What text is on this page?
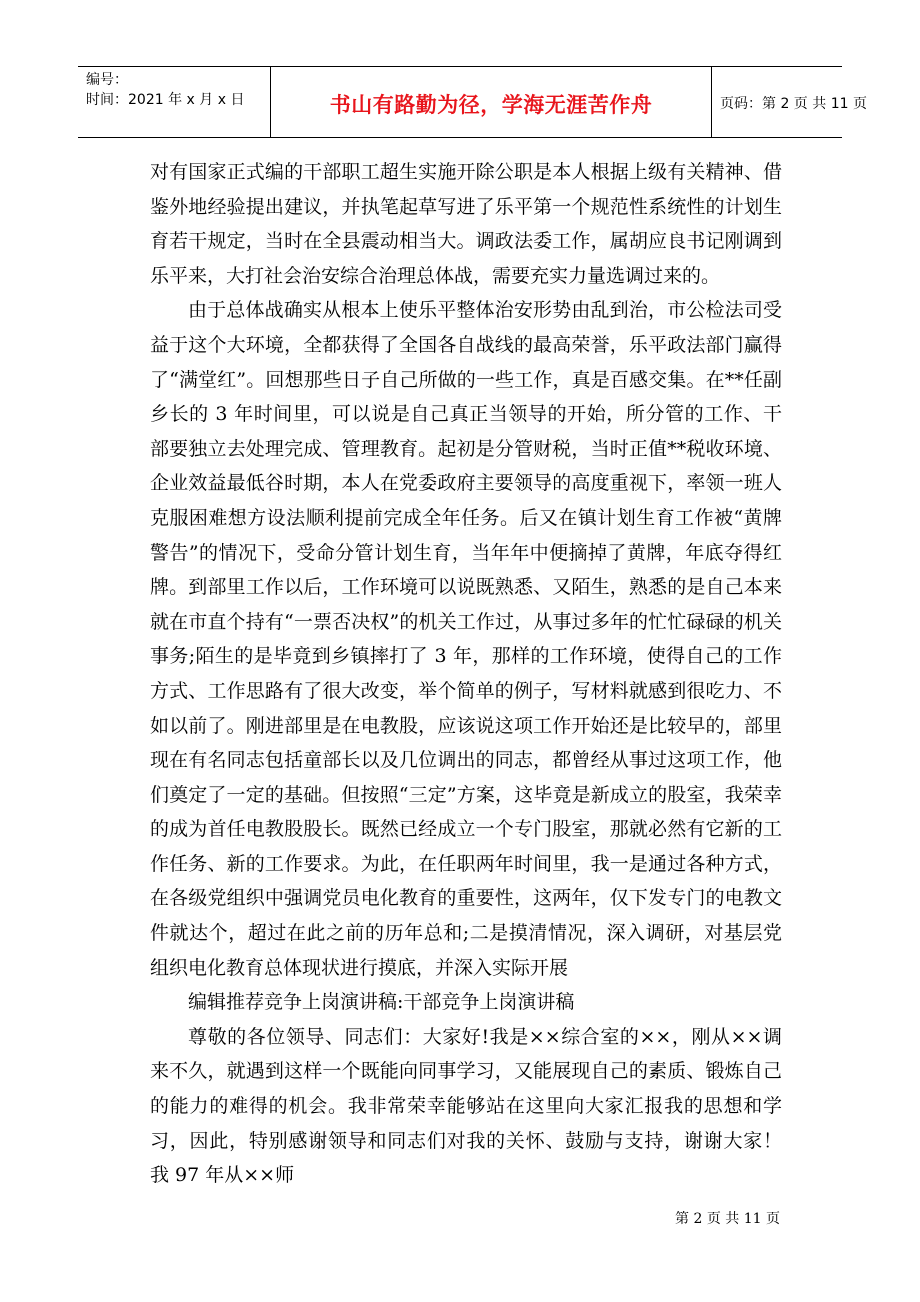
编号：
时间：2021 年 x 月 x 日	书山有路勤为径，学海无涯苦作舟	页码：第 2 页 共 11 页

对有国家正式编的干部职工超生实施开除公职是本人根据上级有关精神、借鉴外地经验提出建议，并执笔起草写进了乐平第一个规范性系统性的计划生育若干规定，当时在全县震动相当大。调政法委工作，属胡应良书记刚调到乐平来，大打社会治安综合治理总体战，需要充实力量选调过来的。

由于总体战确实从根本上使乐平整体治安形势由乱到治，市公检法司受益于这个大环境，全都获得了全国各自战线的最高荣誉，乐平政法部门赢得了“满堂红”。回想那些日子自己所做的一些工作，真是百感交集。在**任副乡长的 3 年时间里，可以说是自己真正当领导的开始，所分管的工作、干部要独立去处理完成、管理教育。起初是分管财税，当时正值**税收环境、企业效益最低谷时期，本人在党委政府主要领导的高度重视下，率领一班人克服困难想方设法顺利提前完成全年任务。后又在镇计划生育工作被“黄牌警告”的情况下，受命分管计划生育，当年年中便摘掉了黄牌，年底夺得红牌。到部里工作以后，工作环境可以说既熟悉、又陌生，熟悉的是自己本来就在市直个持有“一票否决权”的机关工作过，从事过多年的忙忙碌碌的机关事务;陌生的是毕竟到乡镇摔打了 3 年，那样的工作环境，使得自己的工作方式、工作思路有了很大改变，举个简单的例子，写材料就感到很吃力、不如以前了。刚进部里是在电教股，应该说这项工作开始还是比较早的，部里现在有名同志包括童部长以及几位调出的同志，都曾经从事过这项工作，他们奠定了一定的基础。但按照“三定”方案，这毕竟是新成立的股室，我荣幸的成为首任电教股股长。既然已经成立一个专门股室，那就必然有它新的工作任务、新的工作要求。为此，在任职两年时间里，我一是通过各种方式，在各级党组织中强调党员电化教育的重要性，这两年，仅下发专门的电教文件就达个，超过在此之前的历年总和;二是摸清情况，深入调研，对基层党组织电化教育总体现状进行摸底，并深入实际开展

编辑推荐竞争上岗演讲稿:干部竞争上岗演讲稿

尊敬的各位领导、同志们：大家好!我是××综合室的××，刚从××调来不久，就遇到这样一个既能向同事学习，又能展现自己的素质、锻炼自己的能力的难得的机会。我非常荣幸能够站在这里向大家汇报我的思想和学习，因此，特别感谢领导和同志们对我的关怀、鼓励与支持，谢谢大家！ 我 97 年从××师

第 2 页 共 11 页
